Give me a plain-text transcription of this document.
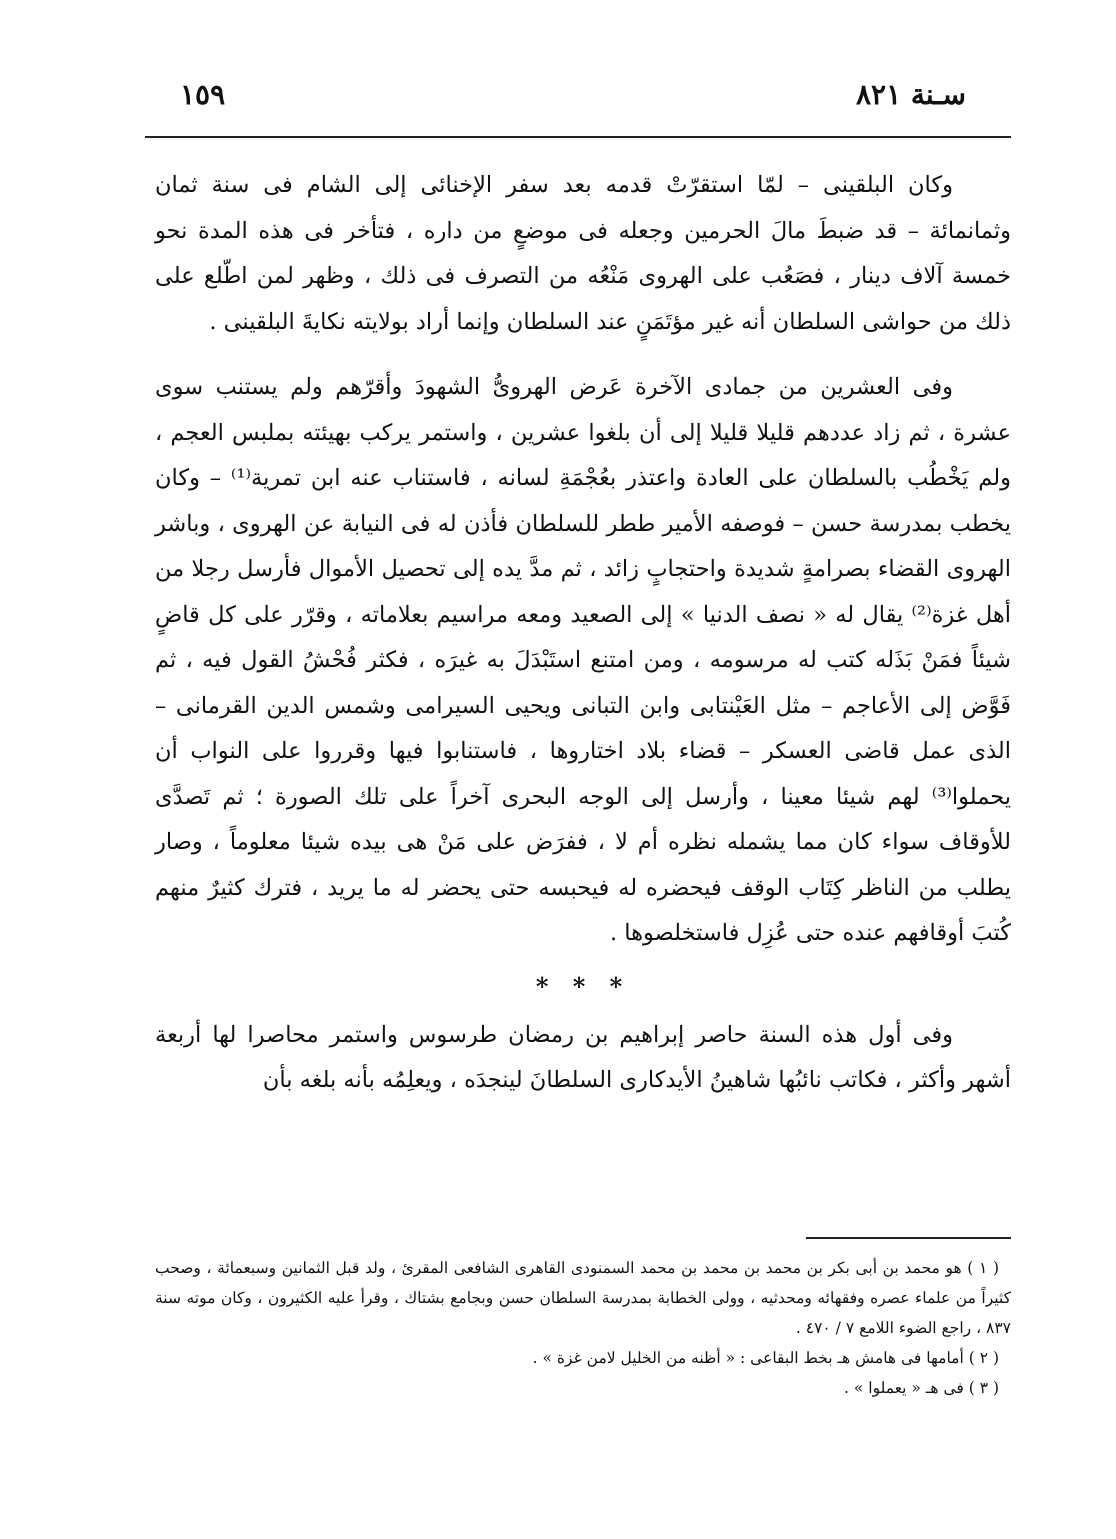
١٥٩	سـنة ٨٢١

وكان البلقينى – لمّا استقرّتْ قدمه بعد سفر الإخنائى إلى الشام فى سنة ثمان وثمانمائة – قد ضبطَ مالَ الحرمين وجعله فى موضعٍ من داره ، فتأخر فى هذه المدة نحو خمسة آلاف دينار ، فصَعُب على الهروى مَنْعُه من التصرف فى ذلك ، وظهر لمن اطّلع على ذلك من حواشى السلطان أنه غير مؤتَمَنٍ عند السلطان وإنما أراد بولايته نكايةَ البلقينى .

وفى العشرين من جمادى الآخرة عَرض الهروىُّ الشهودَ وأقرّهم ولم يستنب سوى عشرة ، ثم زاد عددهم قليلا قليلا إلى أن بلغوا عشرين ، واستمر يركب بهيئته بملبس العجم ، ولم يَخْطُب بالسلطان على العادة واعتذر بعُجْمَةِ لسانه ، فاستناب عنه ابن تمرية⁽¹⁾ – وكان يخطب بمدرسة حسن – فوصفه الأمير ططر للسلطان فأذن له فى النيابة عن الهروى ، وباشر الهروى القضاء بصرامةٍ شديدة واحتجابٍ زائد ، ثم مدَّ يده إلى تحصيل الأموال فأرسل رجلا من أهل غزة⁽²⁾ يقال له « نصف الدنيا » إلى الصعيد ومعه مراسيم بعلاماته ، وقرّر على كل قاضٍ شيئاً فمَنْ بَذَله كتب له مرسومه ، ومن امتنع استَبْدَلَ به غيرَه ، فكثر فُحْشُ القول فيه ، ثم فَوَّض إلى الأعاجم – مثل العَيْنتابى وابن التبانى ويحيى السيرامى وشمس الدين القرمانى – الذى عمل قاضى العسكر – قضاء بلاد اختاروها ، فاستنابوا فيها وقرروا على النواب أن يحملوا⁽³⁾ لهم شيئا معينا ، وأرسل إلى الوجه البحرى آخراً على تلك الصورة ؛ ثم تَصدَّى للأوقاف سواء كان مما يشمله نظره أم لا ، ففرَض على مَنْ هى بيده شيئا معلوماً ، وصار يطلب من الناظر كِتَاب الوقف فيحضره له فيحبسه حتى يحضر له ما يريد ، فترك كثيرٌ منهم كُتبَ أوقافهم عنده حتى عُزِل فاستخلصوها .

* * *

وفى أول هذه السنة حاصر إبراهيم بن رمضان طرسوس واستمر محاصرا لها أربعة أشهر وأكثر ، فكاتب نائبُها شاهينُ الأيدكارى السلطانَ لينجدَه ، ويعلِمُه بأنه بلغه بأن

( ١ ) هو محمد بن أبى بكر بن محمد بن محمد بن محمد السمنودى القاهرى الشافعى المقرئ ، ولد قبل الثمانين وسبعمائة ، وصحب كثيراً من علماء عصره وفقهائه ومحدثيه ، وولى الخطابة بمدرسة السلطان حسن وبجامع بشتاك ، وقرأ عليه الكثيرون ، وكان موته سنة ٨٣٧ ، راجع الضوء اللامع ٧ / ٤٧٠ .

( ٢ ) أمامها فى هامش هـ بخط البقاعى : « أظنه من الخليل لامن غزة » .

( ٣ ) فى هـ « يعملوا » .
